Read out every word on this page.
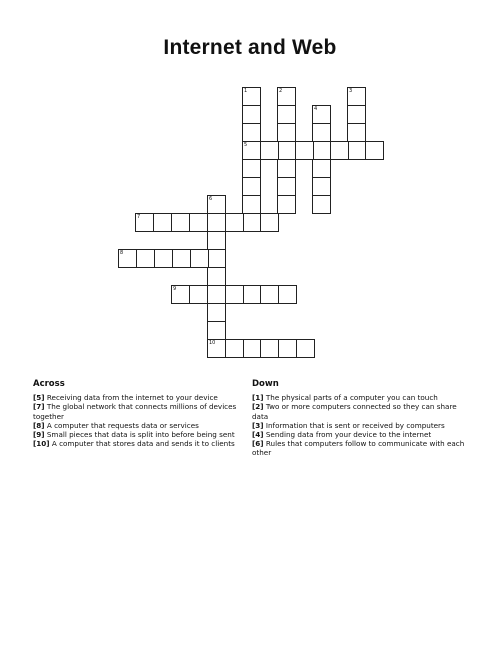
Internet and Web
1
5
2
4
3
7
6
10
8
9
Across

[5] Receiving data from the internet to your device

[7] The global network that connects millions of devices together

[8] A computer that requests data or services

[9] Small pieces that data is split into before being sent

[10] A computer that stores data and sends it to clients

Down

[1] The physical parts of a computer you can touch

[2] Two or more computers connected so they can share data

[3] Information that is sent or received by computers

[4] Sending data from your device to the internet

[6] Rules that computers follow to communicate with each other
